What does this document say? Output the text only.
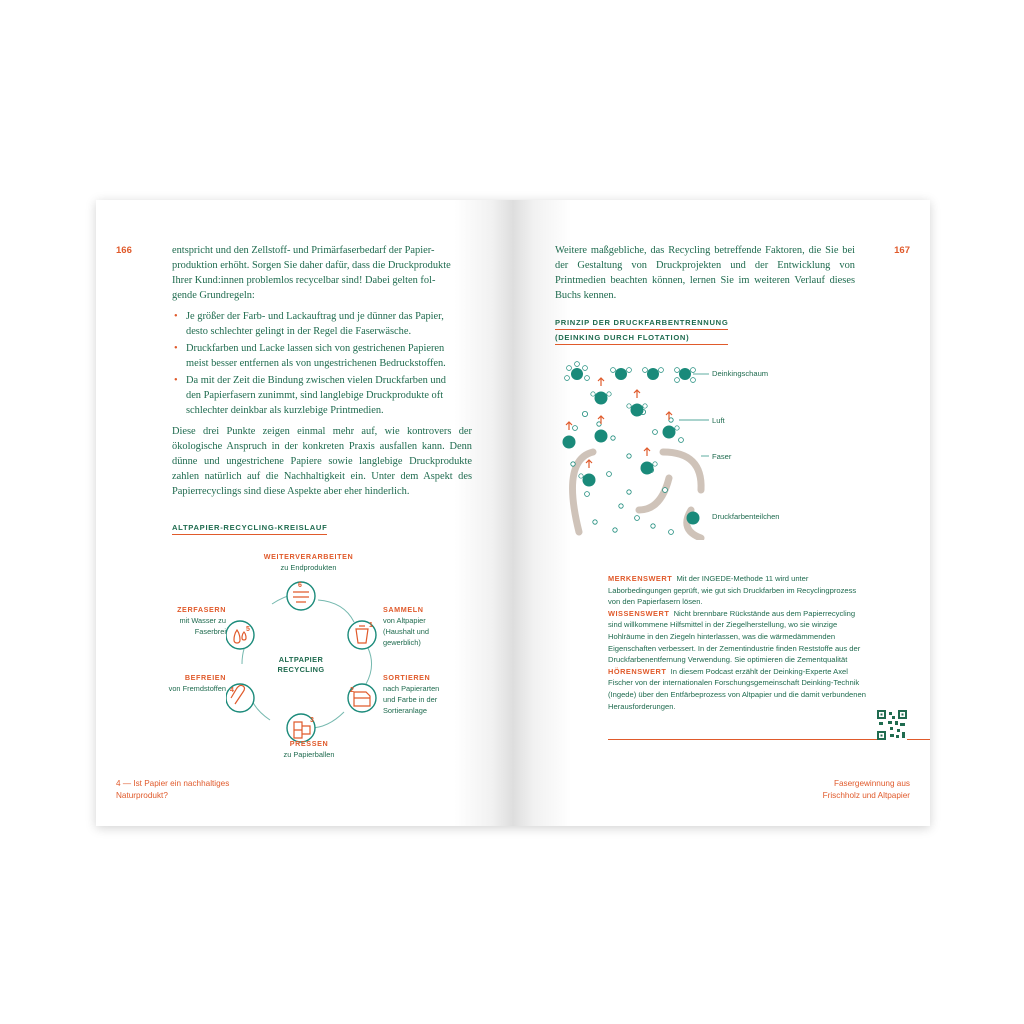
166	entspricht und den Zellstoff- und Primärfaserbedarf der Papier-

produktion erhöht. Sorgen Sie daher dafür, dass die Druckprodukte

Ihrer Kund:innen problemlos recycelbar sind! Dabei gelten fol-

gende Grundregeln:

• Je größer der Farb- und Lackauftrag und je dünner das Papier, desto schlechter gelingt in der Regel die Faserwäsche.
• Druckfarben und Lacke lassen sich von gestrichenen Papieren meist besser entfernen als von ungestrichenen Bedruckstoffen.
• Da mit der Zeit die Bindung zwischen vielen Druckfarben und den Papierfasern zunimmt, sind langlebige Druckprodukte oft schlechter deinkbar als kurzlebige Printmedien.

Diese drei Punkte zeigen einmal mehr auf, wie kontrovers der ökologische Anspruch in der konkreten Praxis ausfallen kann. Denn dünne und ungestrichene Papiere sowie langlebige Druckprodukte zahlen natürlich auf die Nachhaltigkeit ein. Unter dem Aspekt des Papierrecyclings sind diese Aspekte aber eher hinderlich.

ALTPAPIER-RECYCLING-KREISLAUF
6
1
2
3
4
5
ALTPAPIER
RECYCLING
WEITERVERARBEITEN
zu Endprodukten
SAMMELN
von Altpapier
(Haushalt und
gewerblich)
SORTIEREN
nach Papierarten
und Farbe in der
Sortieranlage
PRESSEN
zu Papierballen
BEFREIEN
von Fremdstoffen
ZERFASERN
mit Wasser zu
Faserbrei
4 — Ist Papier ein nachhaltiges
Naturprodukt?
167

Weitere maßgebliche, das Recycling betreffende Faktoren, die Sie bei der Gestaltung von Druckprojekten und der Entwicklung von Printmedien beachten können, lernen Sie im weiteren Verlauf dieses Buchs kennen.

PRINZIP DER DRUCKFARBENTRENNUNG
(DEINKING DURCH FLOTATION)
Deinkingschaum
Luft
Faser
Druckfarbenteilchen

MERKENSWERT Mit der INGEDE-Methode 11 wird unter Laborbedingungen geprüft, wie gut sich Druckfarben im Recyclingprozess von den Papierfasern lösen.

WISSENSWERT Nicht brennbare Rückstände aus dem Papierrecycling sind willkommene Hilfsmittel in der Ziegelherstellung, wo sie winzige Hohlräume in den Ziegeln hinterlassen, was die wärmedämmenden Eigenschaften verbessert. In der Zementindustrie finden Reststoffe aus der Druckfarbenentfernung Verwendung. Sie optimieren die Zementqualität

HÖRENSWERT In diesem Podcast erzählt der Deinking-Experte Axel Fischer von der internationalen Forschungsgemeinschaft Deinking-Technik (Ingede) über den Entfärbeprozess von Altpapier und die damit verbundenen Herausforderungen.

Fasergewinnung aus
Frischholz und Altpapier
